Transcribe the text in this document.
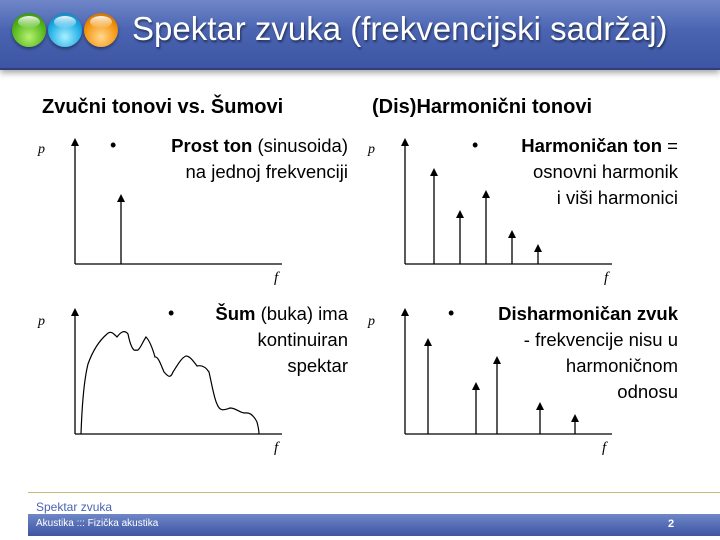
Spektar zvuka (frekvencijski sadržaj)
Zvučni tonovi vs. Šumovi	(Dis)Harmonični tonovi
•	Prost ton (sinusoida)
na jednoj frekvenciji
•	Harmoničan ton =
osnovni harmonik
i viši harmonici
•	Šum (buka) ima
kontinuiran
spektar
•	Disharmoničan zvuk
- frekvencije nisu u
harmoničnom
odnosu
p
f
p
f
p
f
p
f
Spektar zvuka
Akustika ::: Fizička akustika	2
